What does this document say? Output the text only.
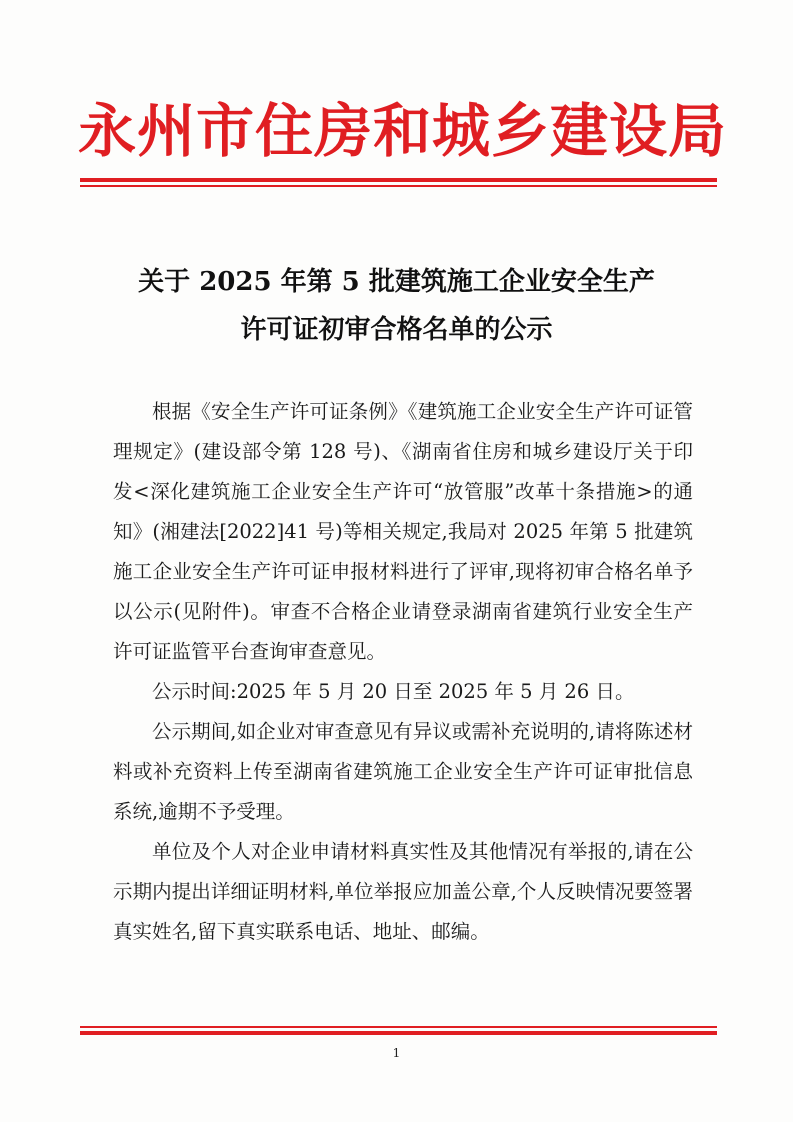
永州市住房和城乡建设局
关于 2025 年第 5 批建筑施工企业安全生产
许可证初审合格名单的公示

根据《安全生产许可证条例》《建筑施工企业安全生产许可证管理规定》(建设部令第 128 号)、《湖南省住房和城乡建设厅关于印发<深化建筑施工企业安全生产许可“放管服”改革十条措施>的通知》(湘建法[2022]41 号)等相关规定,我局对 2025 年第 5 批建筑施工企业安全生产许可证申报材料进行了评审,现将初审合格名单予以公示(见附件)。审查不合格企业请登录湖南省建筑行业安全生产许可证监管平台查询审查意见。

公示时间:2025 年 5 月 20 日至 2025 年 5 月 26 日。

公示期间,如企业对审查意见有异议或需补充说明的,请将陈述材料或补充资料上传至湖南省建筑施工企业安全生产许可证审批信息系统,逾期不予受理。

单位及个人对企业申请材料真实性及其他情况有举报的,请在公示期内提出详细证明材料,单位举报应加盖公章,个人反映情况要签署真实姓名,留下真实联系电话、地址、邮编。

1
